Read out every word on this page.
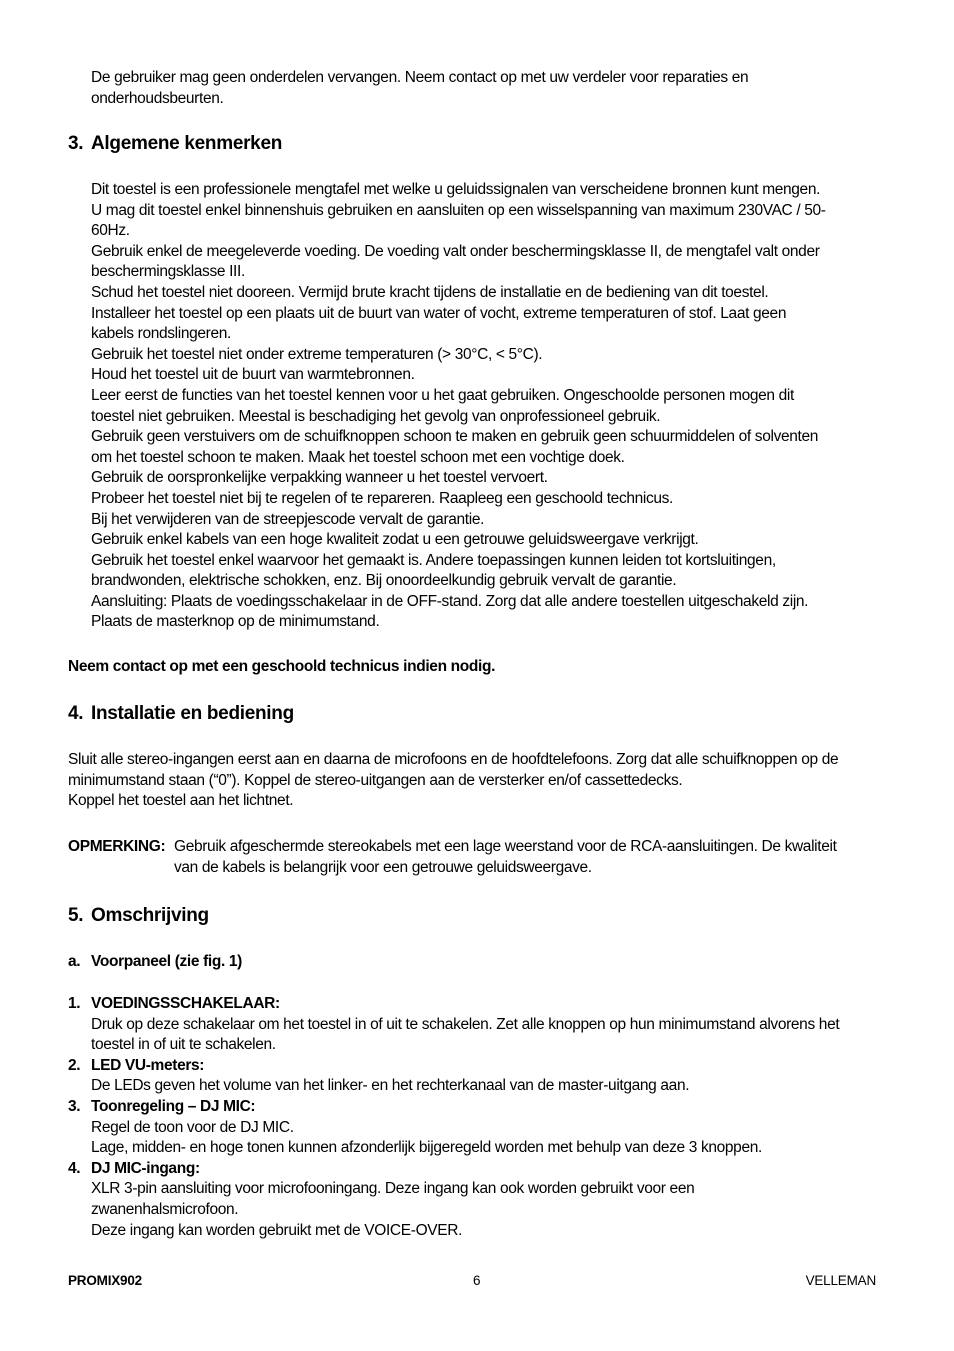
De gebruiker mag geen onderdelen vervangen. Neem contact op met uw verdeler voor reparaties en
onderhoudsbeurten.
3. Algemene kenmerken
Dit toestel is een professionele mengtafel met welke u geluidssignalen van verscheidene bronnen kunt mengen.
U mag dit toestel enkel binnenshuis gebruiken en aansluiten op een wisselspanning van maximum 230VAC / 50-
60Hz.
Gebruik enkel de meegeleverde voeding. De voeding valt onder beschermingsklasse II, de mengtafel valt onder
beschermingsklasse III.
Schud het toestel niet dooreen. Vermijd brute kracht tijdens de installatie en de bediening van dit toestel.
Installeer het toestel op een plaats uit de buurt van water of vocht, extreme temperaturen of stof. Laat geen
kabels rondslingeren.
Gebruik het toestel niet onder extreme temperaturen (> 30°C, < 5°C).
Houd het toestel uit de buurt van warmtebronnen.
Leer eerst de functies van het toestel kennen voor u het gaat gebruiken. Ongeschoolde personen mogen dit
toestel niet gebruiken. Meestal is beschadiging het gevolg van onprofessioneel gebruik.
Gebruik geen verstuivers om de schuifknoppen schoon te maken en gebruik geen schuurmiddelen of solventen
om het toestel schoon te maken. Maak het toestel schoon met een vochtige doek.
Gebruik de oorspronkelijke verpakking wanneer u het toestel vervoert.
Probeer het toestel niet bij te regelen of te repareren. Raapleeg een geschoold technicus.
Bij het verwijderen van de streepjescode vervalt de garantie.
Gebruik enkel kabels van een hoge kwaliteit zodat u een getrouwe geluidsweergave verkrijgt.
Gebruik het toestel enkel waarvoor het gemaakt is. Andere toepassingen kunnen leiden tot kortsluitingen,
brandwonden, elektrische schokken, enz. Bij onoordeelkundig gebruik vervalt de garantie.
Aansluiting: Plaats de voedingsschakelaar in de OFF-stand. Zorg dat alle andere toestellen uitgeschakeld zijn.
Plaats de masterknop op de minimumstand.
Neem contact op met een geschoold technicus indien nodig.
4. Installatie en bediening
Sluit alle stereo-ingangen eerst aan en daarna de microfoons en de hoofdtelefoons. Zorg dat alle schuifknoppen op de
minimumstand staan (“0”). Koppel de stereo-uitgangen aan de versterker en/of cassettedecks.
Koppel het toestel aan het lichtnet.
OPMERKING: Gebruik afgeschermde stereokabels met een lage weerstand voor de RCA-aansluitingen. De kwaliteit
van de kabels is belangrijk voor een getrouwe geluidsweergave.
5. Omschrijving
a. Voorpaneel (zie fig. 1)
1. VOEDINGSSCHAKELAAR:
Druk op deze schakelaar om het toestel in of uit te schakelen. Zet alle knoppen op hun minimumstand alvorens het
toestel in of uit te schakelen.
2. LED VU-meters:
De LEDs geven het volume van het linker- en het rechterkanaal van de master-uitgang aan.
3. Toonregeling – DJ MIC:
Regel de toon voor de DJ MIC.
Lage, midden- en hoge tonen kunnen afzonderlijk bijgeregeld worden met behulp van deze 3 knoppen.
4. DJ MIC-ingang:
XLR 3-pin aansluiting voor microfooningang. Deze ingang kan ook worden gebruikt voor een
zwanenhalsmicrofoon.
Deze ingang kan worden gebruikt met de VOICE-OVER.
PROMIX902	6	VELLEMAN
